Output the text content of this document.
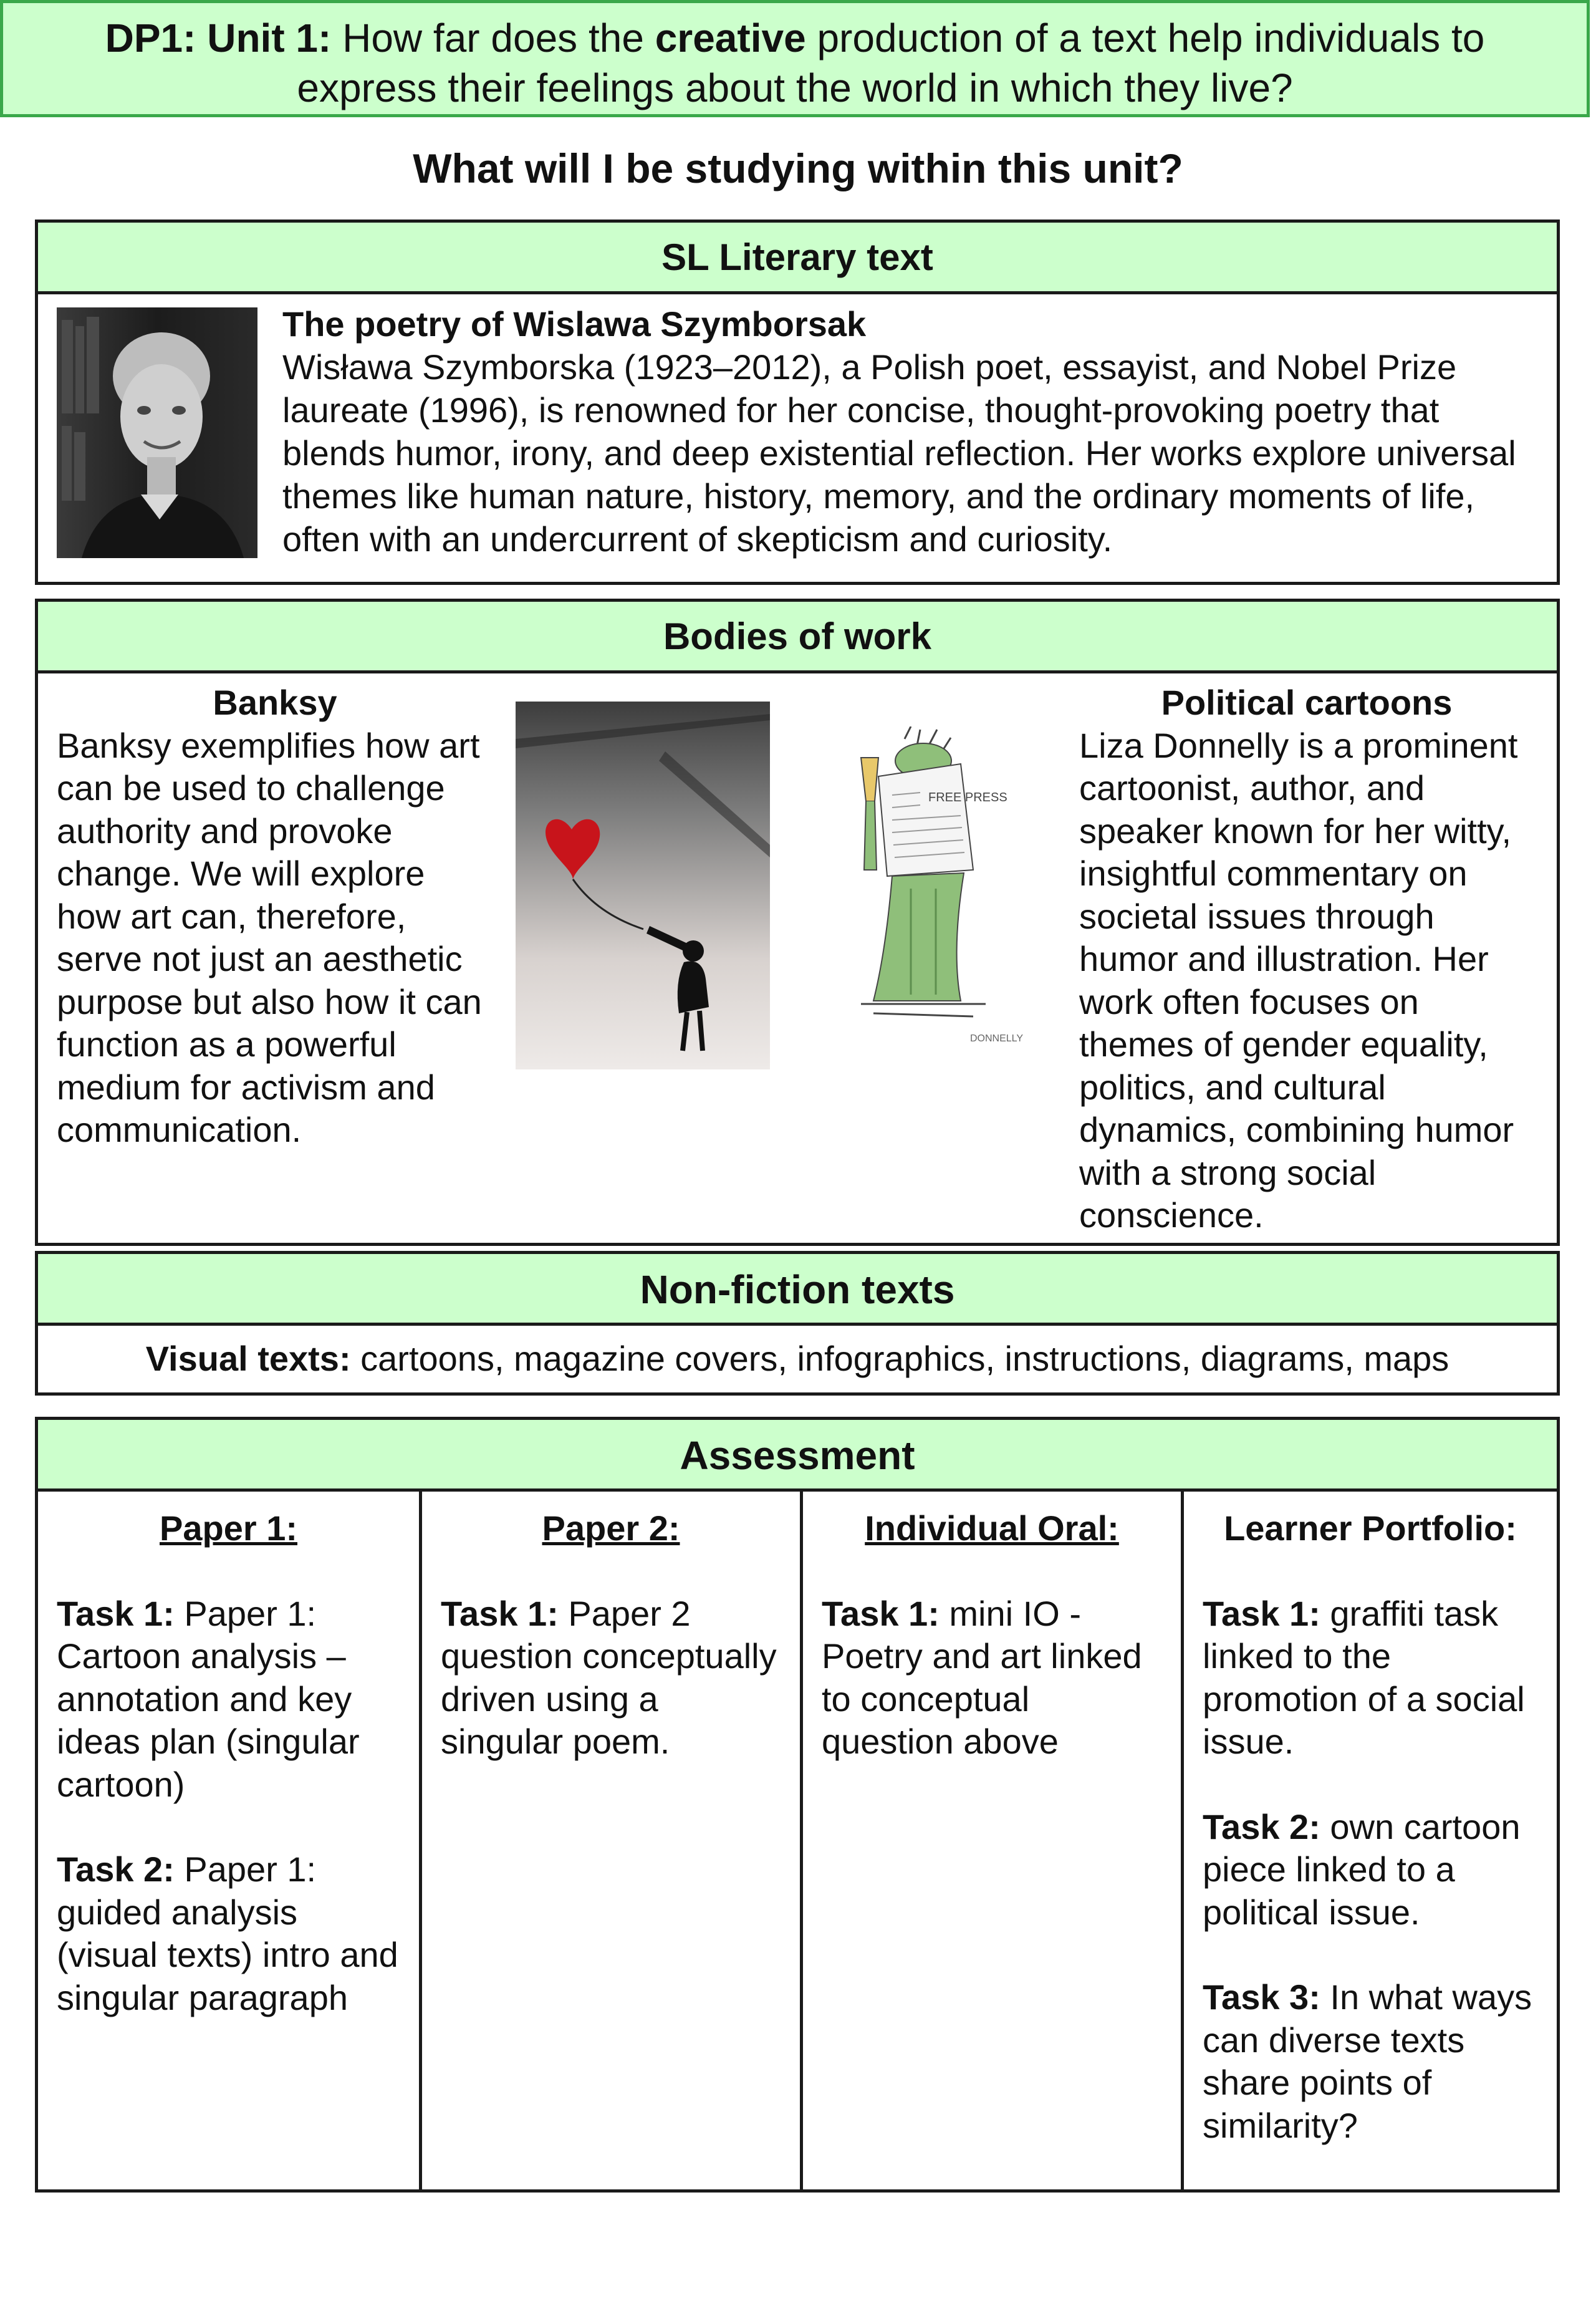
DP1: Unit 1: How far does the creative production of a text help individuals to
express their feelings about the world in which they live?
What will I be studying within this unit?
SL Literary text
The poetry of Wislawa Szymborsak
Wisława Szymborska (1923–2012), a Polish poet, essayist, and Nobel Prize laureate (1996), is renowned for her concise, thought-provoking poetry that blends humor, irony, and deep existential reflection. Her works explore universal themes like human nature, history, memory, and the ordinary moments of life, often with an undercurrent of skepticism and curiosity.
Bodies of work
Banksy
Banksy exemplifies how art can be used to challenge authority and provoke change. We will explore how art can, therefore, serve not just an aesthetic purpose but also how it can function as a powerful medium for activism and communication.
FREE PRESS
DONNELLY
Political cartoons
Liza Donnelly is a prominent cartoonist, author, and speaker known for her witty, insightful commentary on societal issues through humor and illustration. Her work often focuses on themes of gender equality, politics, and cultural dynamics, combining humor with a strong social conscience.
Non-fiction texts
Visual texts: cartoons, magazine covers, infographics, instructions, diagrams, maps
Assessment
Paper 1:
Task 1: Paper 1: Cartoon analysis – annotation and key ideas plan (singular cartoon)
Task 2: Paper 1: guided analysis (visual texts) intro and singular paragraph
Paper 2:
Task 1: Paper 2 question conceptually driven using a singular poem.
Individual Oral:
Task 1: mini IO - Poetry and art linked to conceptual question above
Learner Portfolio:
Task 1: graffiti task linked to the promotion of a social issue.
Task 2: own cartoon piece linked to a political issue.
Task 3: In what ways can diverse texts share points of similarity?
